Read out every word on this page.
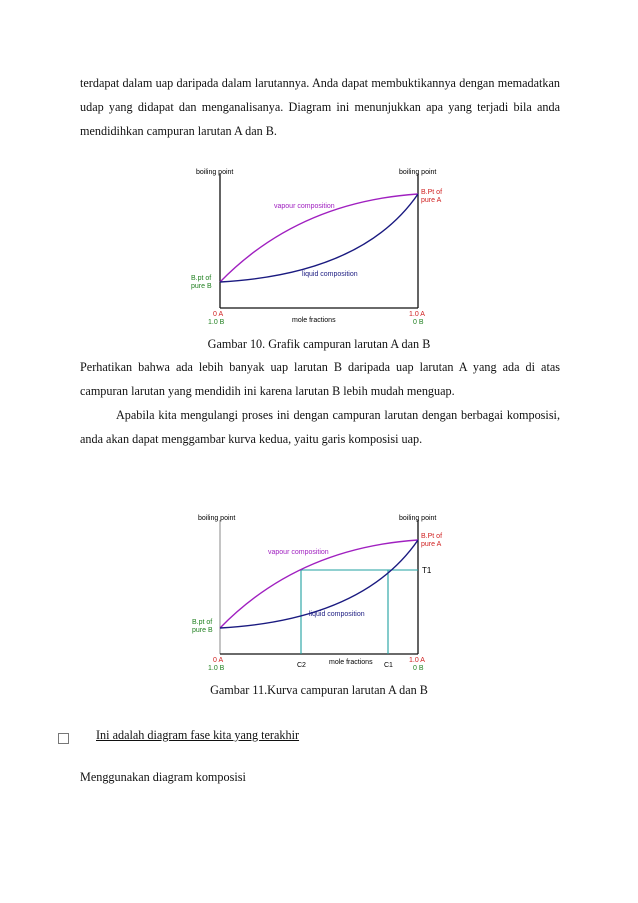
terdapat dalam uap daripada dalam larutannya. Anda dapat membuktikannya dengan memadatkan udap yang didapat dan menganalisanya. Diagram ini menunjukkan apa yang terjadi bila anda mendidihkan campuran larutan A dan B.

boiling point	boiling point
vapour composition
liquid composition
B.Pt of
pure A
B.pt of
pure B
0 A
1.0 B	mole fractions
1.0 A
0 B

Gambar 10. Grafik campuran larutan A dan B

Perhatikan bahwa ada lebih banyak uap larutan B daripada uap larutan A yang ada di atas campuran larutan yang mendidih ini karena larutan B lebih mudah menguap.

Apabila kita mengulangi proses ini dengan campuran larutan dengan berbagai komposisi, anda akan dapat menggambar kurva kedua, yaitu garis komposisi uap.

boiling point	boiling point
vapour composition
liquid composition
B.Pt of
pure A
T1
B.pt of
pure B
0 A
1.0 B	C2	mole fractions C1
1.0 A
0 B

Gambar 11.Kurva campuran larutan A dan B

Ini adalah diagram fase kita yang terakhir
Menggunakan diagram komposisi
